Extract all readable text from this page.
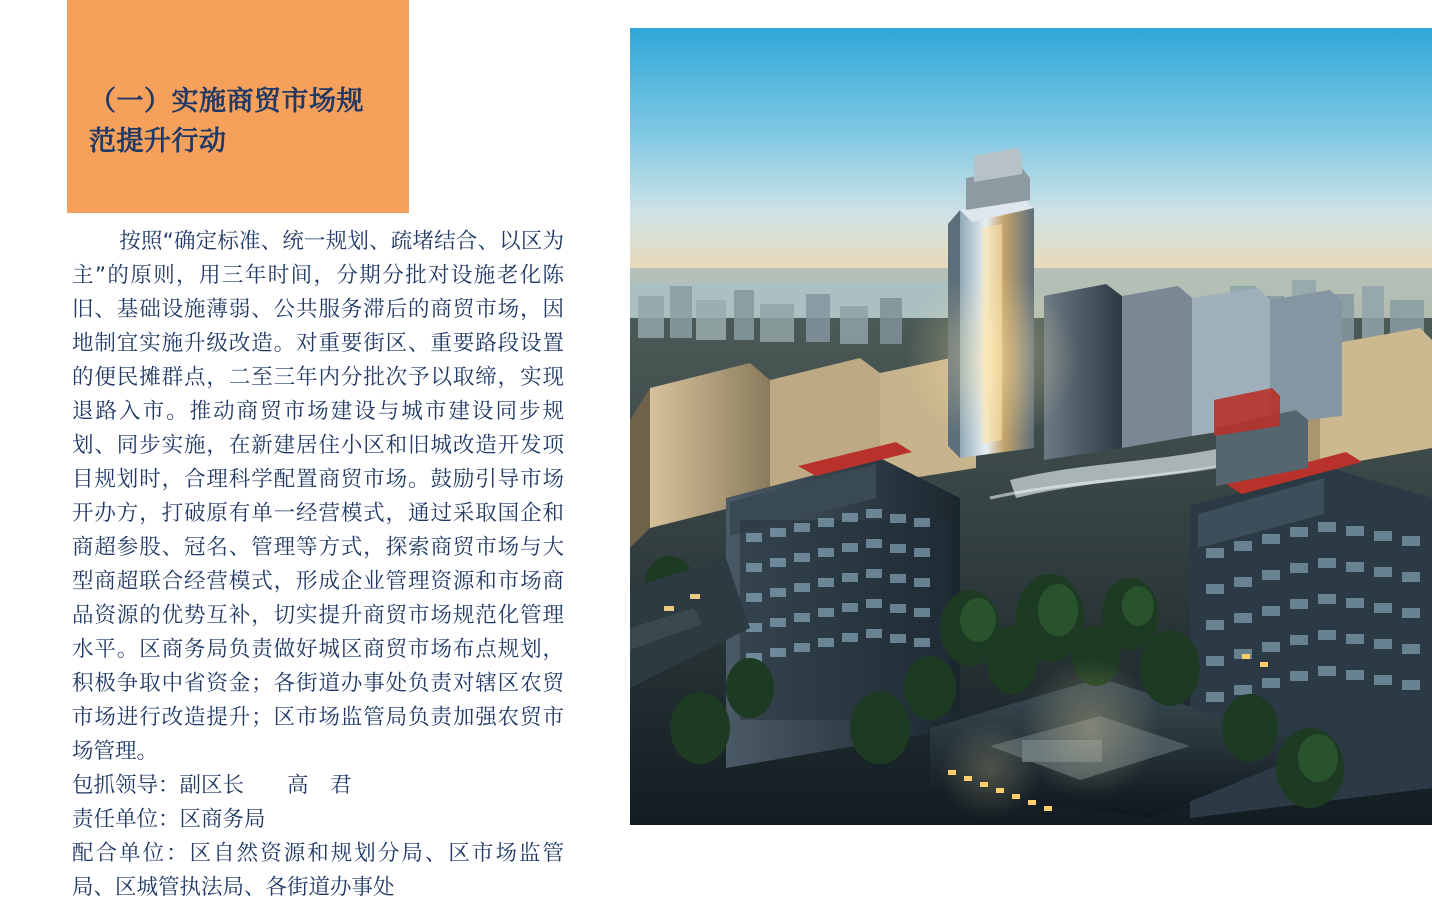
（一）实施商贸市场规范提升行动

按照“确定标准、统一规划、疏堵结合、以区为主”的原则，用三年时间，分期分批对设施老化陈旧、基础设施薄弱、公共服务滞后的商贸市场，因地制宜实施升级改造。对重要街区、重要路段设置的便民摊群点，二至三年内分批次予以取缔，实现退路入市。推动商贸市场建设与城市建设同步规划、同步实施，在新建居住小区和旧城改造开发项目规划时，合理科学配置商贸市场。鼓励引导市场开办方，打破原有单一经营模式，通过采取国企和商超参股、冠名、管理等方式，探索商贸市场与大型商超联合经营模式，形成企业管理资源和市场商品资源的优势互补，切实提升商贸市场规范化管理水平。区商务局负责做好城区商贸市场布点规划，积极争取中省资金；各街道办事处负责对辖区农贸市场进行改造提升；区市场监管局负责加强农贸市场管理。

包抓领导：副区长　　高　君

责任单位：区商务局

配合单位：区自然资源和规划分局、区市场监管局、区城管执法局、各街道办事处
